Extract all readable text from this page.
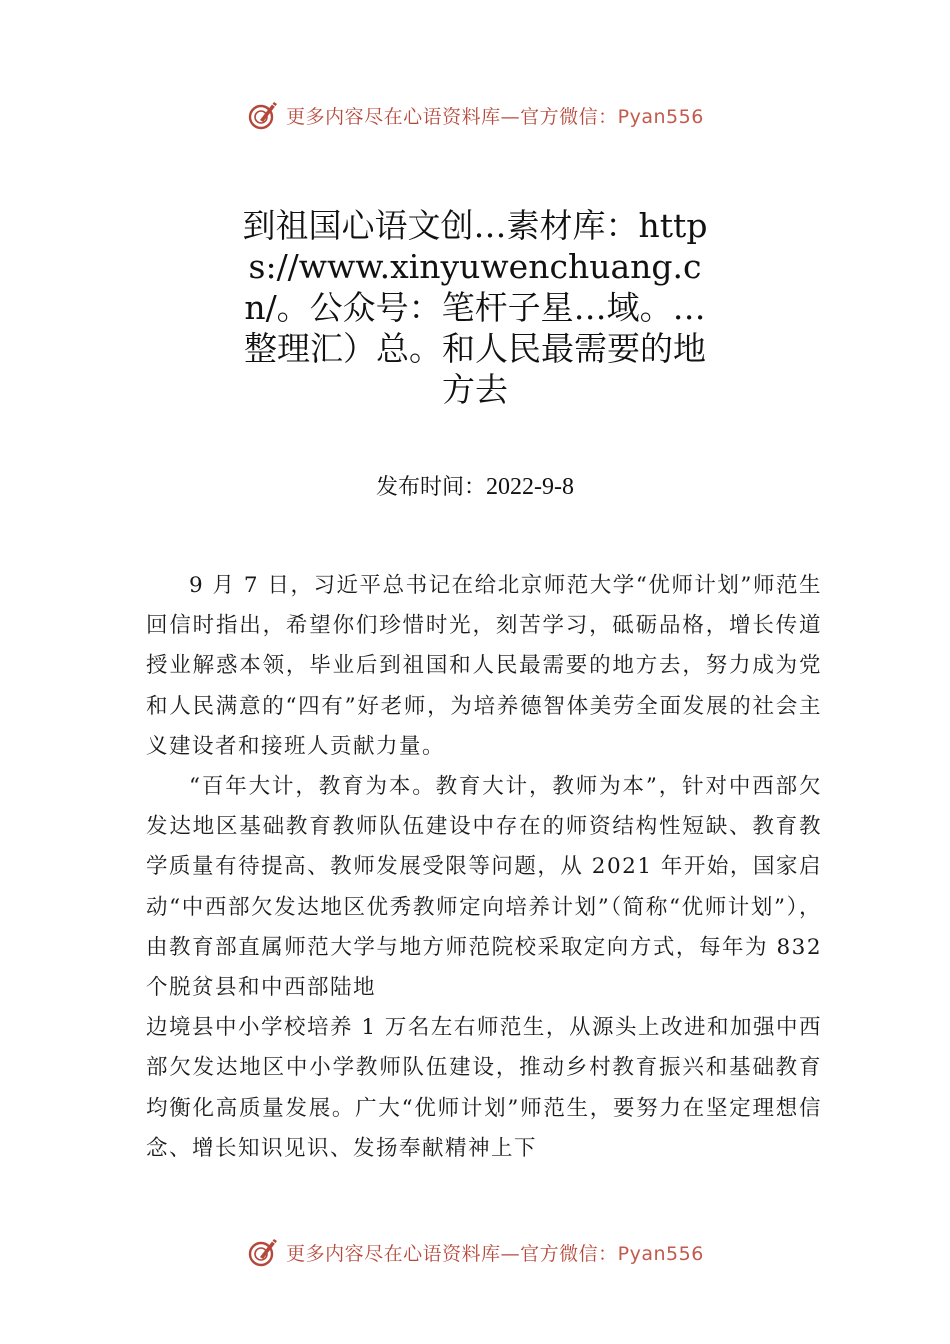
更多内容尽在心语资料库—官方微信：Pyan556
到祖国心语文创…素材库：https://www.xinyuwenchuang.cn/。公众号：笔杆子星…域。…整理汇）总。和人民最需要的地方去
发布时间：2022-9-8

9 月 7 日，习近平总书记在给北京师范大学“优师计划”师范生回信时指出，希望你们珍惜时光，刻苦学习，砥砺品格，增长传道授业解惑本领，毕业后到祖国和人民最需要的地方去，努力成为党和人民满意的“四有”好老师，为培养德智体美劳全面发展的社会主义建设者和接班人贡献力量。

“百年大计，教育为本。教育大计，教师为本”，针对中西部欠发达地区基础教育教师队伍建设中存在的师资结构性短缺、教育教学质量有待提高、教师发展受限等问题，从 2021 年开始，国家启动“中西部欠发达地区优秀教师定向培养计划”（简称“优师计划”），由教育部直属师范大学与地方师范院校采取定向方式，每年为 832 个脱贫县和中西部陆地

边境县中小学校培养 1 万名左右师范生，从源头上改进和加强中西部欠发达地区中小学教师队伍建设，推动乡村教育振兴和基础教育均衡化高质量发展。广大“优师计划”师范生，要努力在坚定理想信念、增长知识见识、发扬奉献精神上下

更多内容尽在心语资料库—官方微信：Pyan556
